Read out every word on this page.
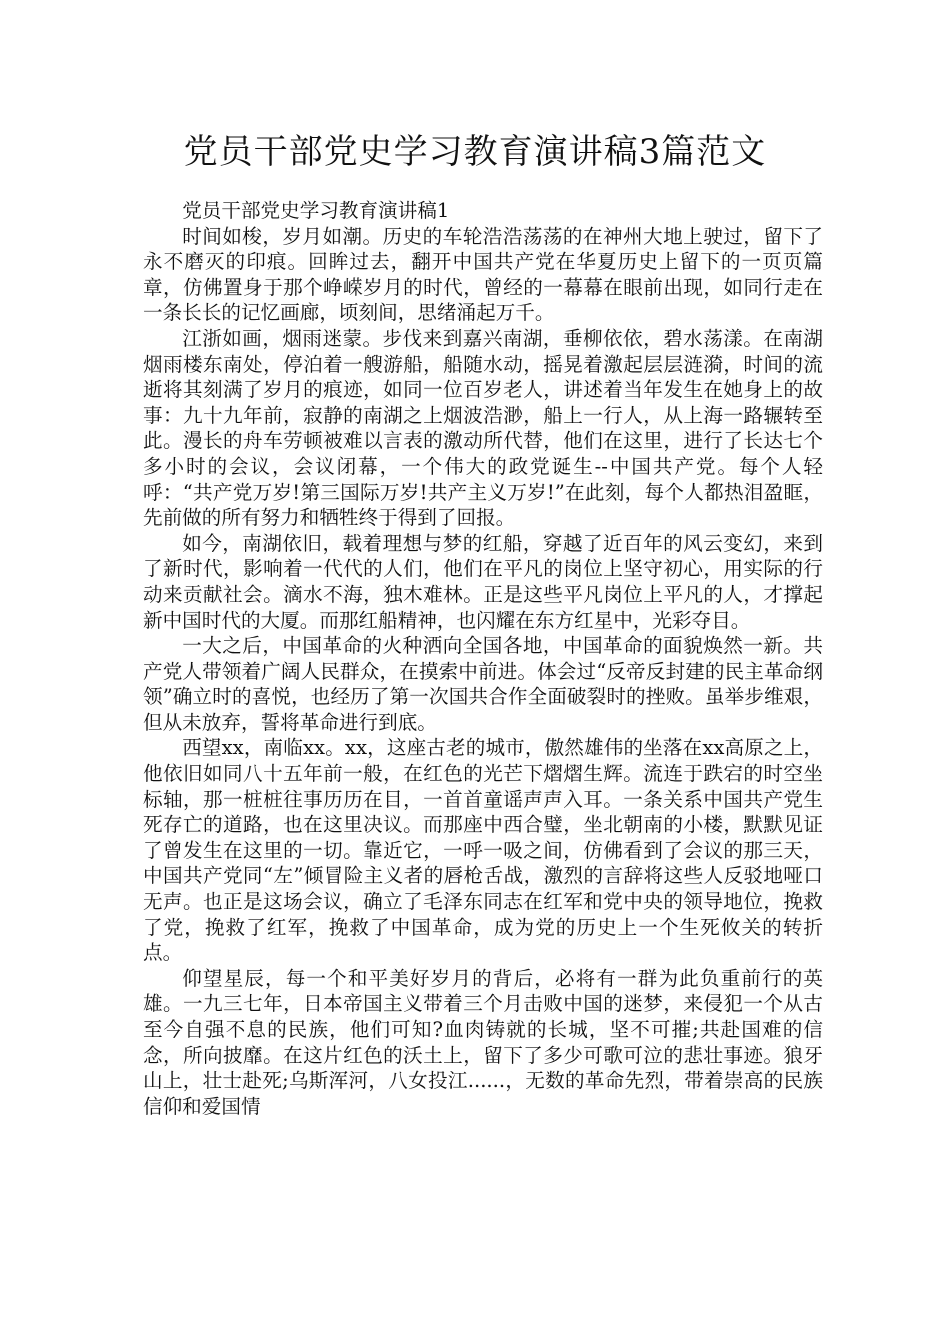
党员干部党史学习教育演讲稿3篇范文

党员干部党史学习教育演讲稿1

时间如梭，岁月如潮。历史的车轮浩浩荡荡的在神州大地上驶过，留下了永不磨灭的印痕。回眸过去，翻开中国共产党在华夏历史上留下的一页页篇章，仿佛置身于那个峥嵘岁月的时代，曾经的一幕幕在眼前出现，如同行走在一条长长的记忆画廊，顷刻间，思绪涌起万千。

江浙如画，烟雨迷蒙。步伐来到嘉兴南湖，垂柳依依，碧水荡漾。在南湖烟雨楼东南处，停泊着一艘游船，船随水动，摇晃着激起层层涟漪，时间的流逝将其刻满了岁月的痕迹，如同一位百岁老人，讲述着当年发生在她身上的故事：九十九年前，寂静的南湖之上烟波浩渺，船上一行人，从上海一路辗转至此。漫长的舟车劳顿被难以言表的激动所代替，他们在这里，进行了长达七个多小时的会议，会议闭幕，一个伟大的政党诞生--中国共产党。每个人轻呼：“共产党万岁!第三国际万岁!共产主义万岁!”在此刻，每个人都热泪盈眶，先前做的所有努力和牺牲终于得到了回报。

如今，南湖依旧，载着理想与梦的红船，穿越了近百年的风云变幻，来到了新时代，影响着一代代的人们，他们在平凡的岗位上坚守初心，用实际的行动来贡献社会。滴水不海，独木难林。正是这些平凡岗位上平凡的人，才撑起新中国时代的大厦。而那红船精神，也闪耀在东方红星中，光彩夺目。

一大之后，中国革命的火种洒向全国各地，中国革命的面貌焕然一新。共产党人带领着广阔人民群众，在摸索中前进。体会过“反帝反封建的民主革命纲领”确立时的喜悦，也经历了第一次国共合作全面破裂时的挫败。虽举步维艰，但从未放弃，誓将革命进行到底。

西望xx，南临xx。xx，这座古老的城市，傲然雄伟的坐落在xx高原之上，他依旧如同八十五年前一般，在红色的光芒下熠熠生辉。流连于跌宕的时空坐标轴，那一桩桩往事历历在目，一首首童谣声声入耳。一条关系中国共产党生死存亡的道路，也在这里决议。而那座中西合璧，坐北朝南的小楼，默默见证了曾发生在这里的一切。靠近它，一呼一吸之间，仿佛看到了会议的那三天，中国共产党同“左”倾冒险主义者的唇枪舌战，激烈的言辞将这些人反驳地哑口无声。也正是这场会议，确立了毛泽东同志在红军和党中央的领导地位，挽救了党，挽救了红军，挽救了中国革命，成为党的历史上一个生死攸关的转折点。

仰望星辰，每一个和平美好岁月的背后，必将有一群为此负重前行的英雄。一九三七年，日本帝国主义带着三个月击败中国的迷梦，来侵犯一个从古至今自强不息的民族，他们可知?血肉铸就的长城，坚不可摧;共赴国难的信念，所向披靡。在这片红色的沃土上，留下了多少可歌可泣的悲壮事迹。狼牙山上，壮士赴死;乌斯浑河，八女投江......，无数的革命先烈，带着崇高的民族信仰和爱国情
